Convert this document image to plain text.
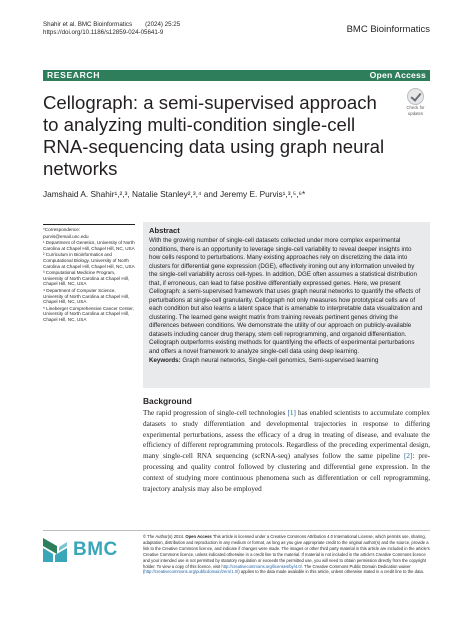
Shahir et al. BMC Bioinformatics (2024) 25:25
https://doi.org/10.1186/s12859-024-05641-9	BMC Bioinformatics
RESEARCH	Open Access
Cellograph: a semi-supervised approach to analyzing multi-condition single-cell RNA-sequencing data using graph neural networks
Check for
updates
Jamshaid A. Shahir¹,²,³, Natalie Stanley²,³,⁴ and Jeremy E. Purvis¹,³,⁵,⁶*

*Correspondence:

purvis@email.unc.edu

¹ Department of Genetics, University of North Carolina at Chapel Hill, Chapel Hill, NC, USA

² Curriculum in Bioinformatics and Computational Biology, University of North Carolina at Chapel Hill, Chapel Hill, NC, USA

³ Computational Medicine Program, University of North Carolina at Chapel Hill, Chapel Hill, NC, USA

⁴ Department of Computer Science, University of North Carolina at Chapel Hill, Chapel Hill, NC, USA

⁵ Lineberger Comprehensive Cancer Center, University of North Carolina at Chapel Hill, Chapel Hill, NC, USA

Abstract
With the growing number of single-cell datasets collected under more complex experimental conditions, there is an opportunity to leverage single-cell variability to reveal deeper insights into how cells respond to perturbations. Many existing approaches rely on discretizing the data into clusters for differential gene expression (DGE), effectively ironing out any information unveiled by the single-cell variability across cell-types. In addition, DGE often assumes a statistical distribution that, if erroneous, can lead to false positive differentially expressed genes. Here, we present Cellograph: a semi-supervised framework that uses graph neural networks to quantify the effects of perturbations at single-cell granularity. Cellograph not only measures how prototypical cells are of each condition but also learns a latent space that is amenable to interpretable data visualization and clustering. The learned gene weight matrix from training reveals pertinent genes driving the differences between conditions. We demonstrate the utility of our approach on publicly-available datasets including cancer drug therapy, stem cell reprogramming, and organoid differentiation. Cellograph outperforms existing methods for quantifying the effects of experimental perturbations and offers a novel framework to analyze single-cell data using deep learning.
Keywords: Graph neural networks, Single-cell genomics, Semi-supervised learning
Background
The rapid progression of single-cell technologies [1] has enabled scientists to accumulate complex datasets to study differentiation and developmental trajectories in response to differing experimental perturbations, assess the efficacy of a drug in treating of disease, and evaluate the efficiency of different reprogramming protocols. Regardless of the preceding experimental design, many single-cell RNA sequencing (scRNA-seq) analyses follow the same pipeline [2]: pre-processing and quality control followed by clustering and differential gene expression. In the context of studying more continuous phenomena such as differentiation or cell reprogramming, trajectory analysis may also be employed
BMC
© The Author(s) 2024. Open Access This article is licensed under a Creative Commons Attribution 4.0 International License, which permits use, sharing, adaptation, distribution and reproduction in any medium or format, as long as you give appropriate credit to the original author(s) and the source, provide a link to the Creative Commons licence, and indicate if changes were made. The images or other third party material in this article are included in the article's Creative Commons licence, unless indicated otherwise in a credit line to the material. If material is not included in the article's Creative Commons licence and your intended use is not permitted by statutory regulation or exceeds the permitted use, you will need to obtain permission directly from the copyright holder. To view a copy of this licence, visit http://creativecommons.org/licenses/by/4.0/. The Creative Commons Public Domain Dedication waiver (http://creativecommons.org/publicdomain/zero/1.0/) applies to the data made available in this article, unless otherwise stated in a credit line to the data.
